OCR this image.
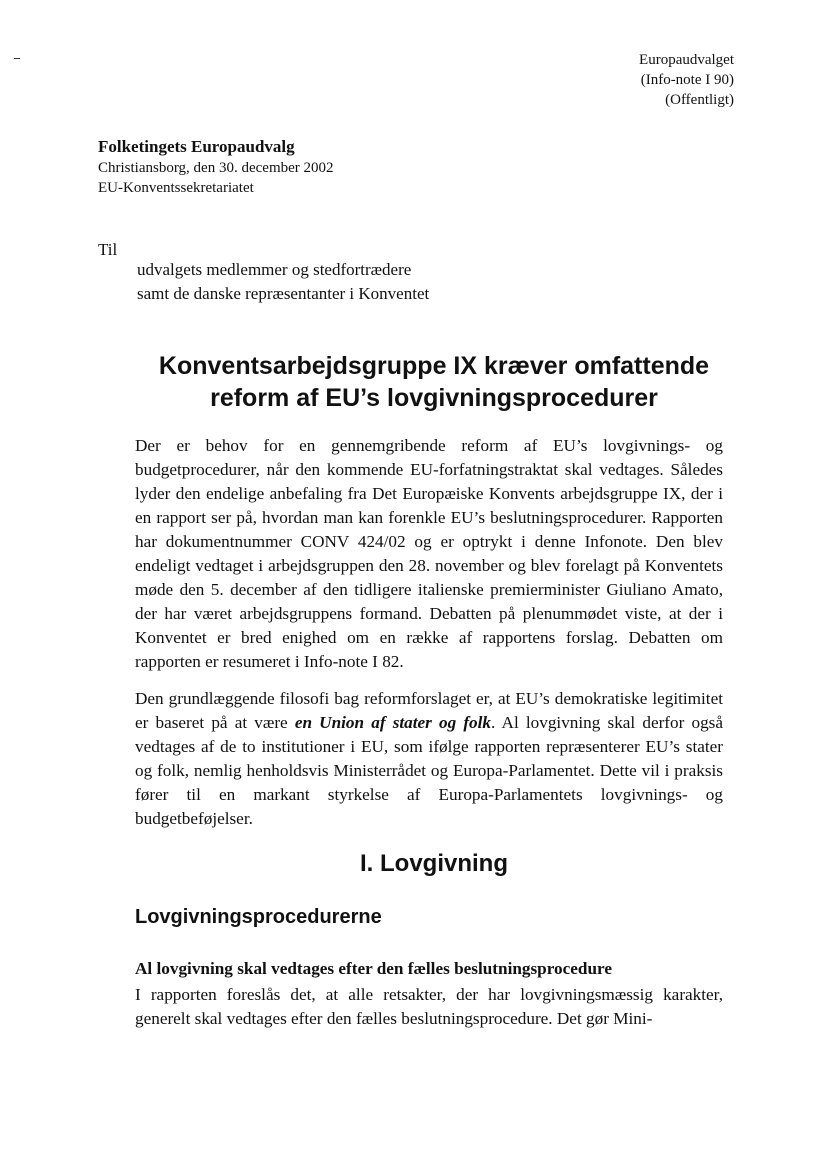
Europaudvalget
(Info-note I 90)
(Offentligt)
Folketingets Europaudvalg
Christiansborg, den 30. december 2002
EU-Konventssekretariatet
Til
udvalgets medlemmer og stedfortrædere
samt de danske repræsentanter i Konventet
Konventsarbejdsgruppe IX kræver omfattende
reform af EU’s lovgivningsprocedurer

Der er behov for en gennemgribende reform af EU’s lovgivnings- og budgetprocedurer, når den kommende EU-forfatningstraktat skal vedtages. Således lyder den endelige anbefaling fra Det Europæiske Konvents arbejdsgruppe IX, der i en rapport ser på, hvordan man kan forenkle EU’s beslutningsprocedurer. Rapporten har dokumentnummer CONV 424/02 og er optrykt i denne Infonote. Den blev endeligt vedtaget i arbejdsgruppen den 28. november og blev forelagt på Konventets møde den 5. december af den tidligere italienske premierminister Giuliano Amato, der har været arbejdsgruppens formand. Debatten på plenummødet viste, at der i Konventet er bred enighed om en række af rapportens forslag. Debatten om rapporten er resumeret i Info-note I 82.

Den grundlæggende filosofi bag reformforslaget er, at EU’s demokratiske legitimitet er baseret på at være en Union af stater og folk. Al lovgivning skal derfor også vedtages af de to institutioner i EU, som ifølge rapporten repræsenterer EU’s stater og folk, nemlig henholdsvis Ministerrådet og Europa-Parlamentet. Dette vil i praksis fører til en markant styrkelse af Europa-Parlamentets lovgivnings- og budgetbeføjelser.

I. Lovgivning
Lovgivningsprocedurerne
Al lovgivning skal vedtages efter den fælles beslutningsprocedure

I rapporten foreslås det, at alle retsakter, der har lovgivningsmæssig karakter, generelt skal vedtages efter den fælles beslutningsprocedure. Det gør Mini-
